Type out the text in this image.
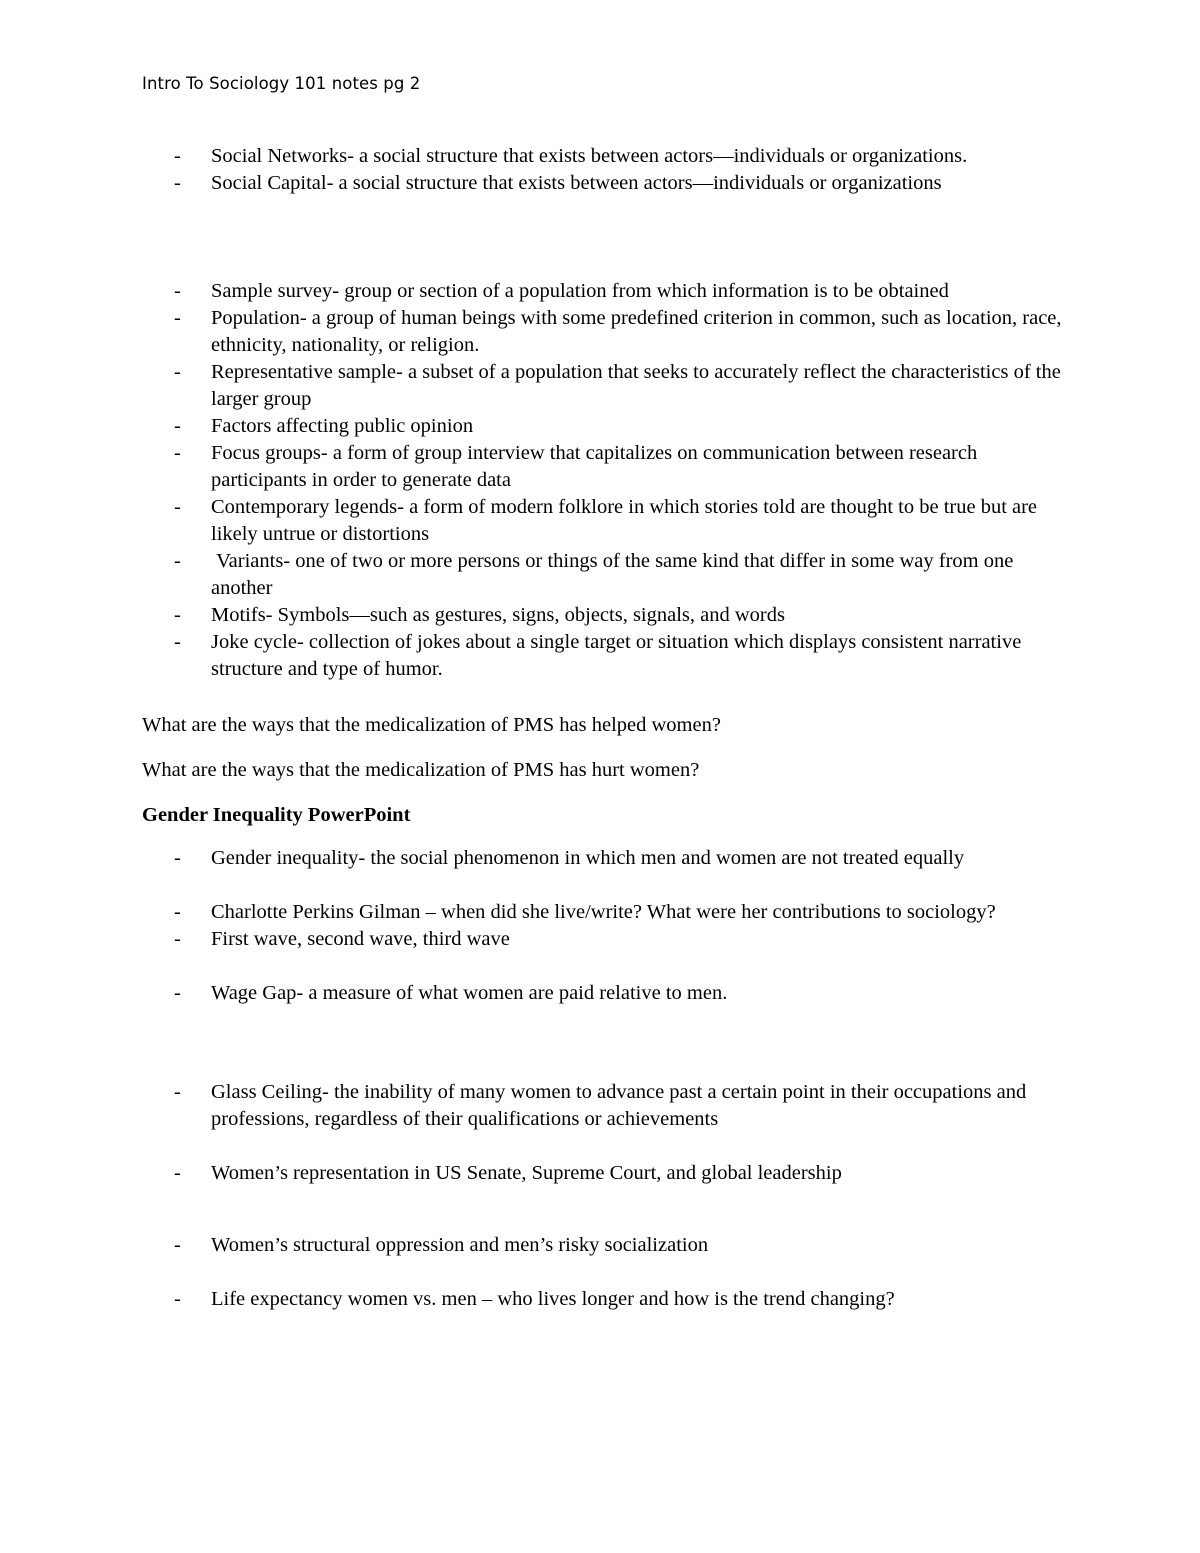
Intro To Sociology 101 notes pg 2
- Social Networks- a social structure that exists between actors—individuals or organizations.
- Social Capital- a social structure that exists between actors—individuals or organizations
- Sample survey- group or section of a population from which information is to be obtained
- Population- a group of human beings with some predefined criterion in common, such as location, race, ethnicity, nationality, or religion.
- Representative sample- a subset of a population that seeks to accurately reflect the characteristics of the larger group
- Factors affecting public opinion
- Focus groups- a form of group interview that capitalizes on communication between research participants in order to generate data
- Contemporary legends- a form of modern folklore in which stories told are thought to be true but are likely untrue or distortions
- Variants- one of two or more persons or things of the same kind that differ in some way from one another
- Motifs- Symbols—such as gestures, signs, objects, signals, and words
- Joke cycle- collection of jokes about a single target or situation which displays consistent narrative structure and type of humor.
What are the ways that the medicalization of PMS has helped women?
What are the ways that the medicalization of PMS has hurt women?
Gender Inequality PowerPoint
- Gender inequality- the social phenomenon in which men and women are not treated equally
- Charlotte Perkins Gilman – when did she live/write? What were her contributions to sociology?
- First wave, second wave, third wave
- Wage Gap- a measure of what women are paid relative to men.
- Glass Ceiling- the inability of many women to advance past a certain point in their occupations and professions, regardless of their qualifications or achievements
- Women’s representation in US Senate, Supreme Court, and global leadership
- Women’s structural oppression and men’s risky socialization
- Life expectancy women vs. men – who lives longer and how is the trend changing?
